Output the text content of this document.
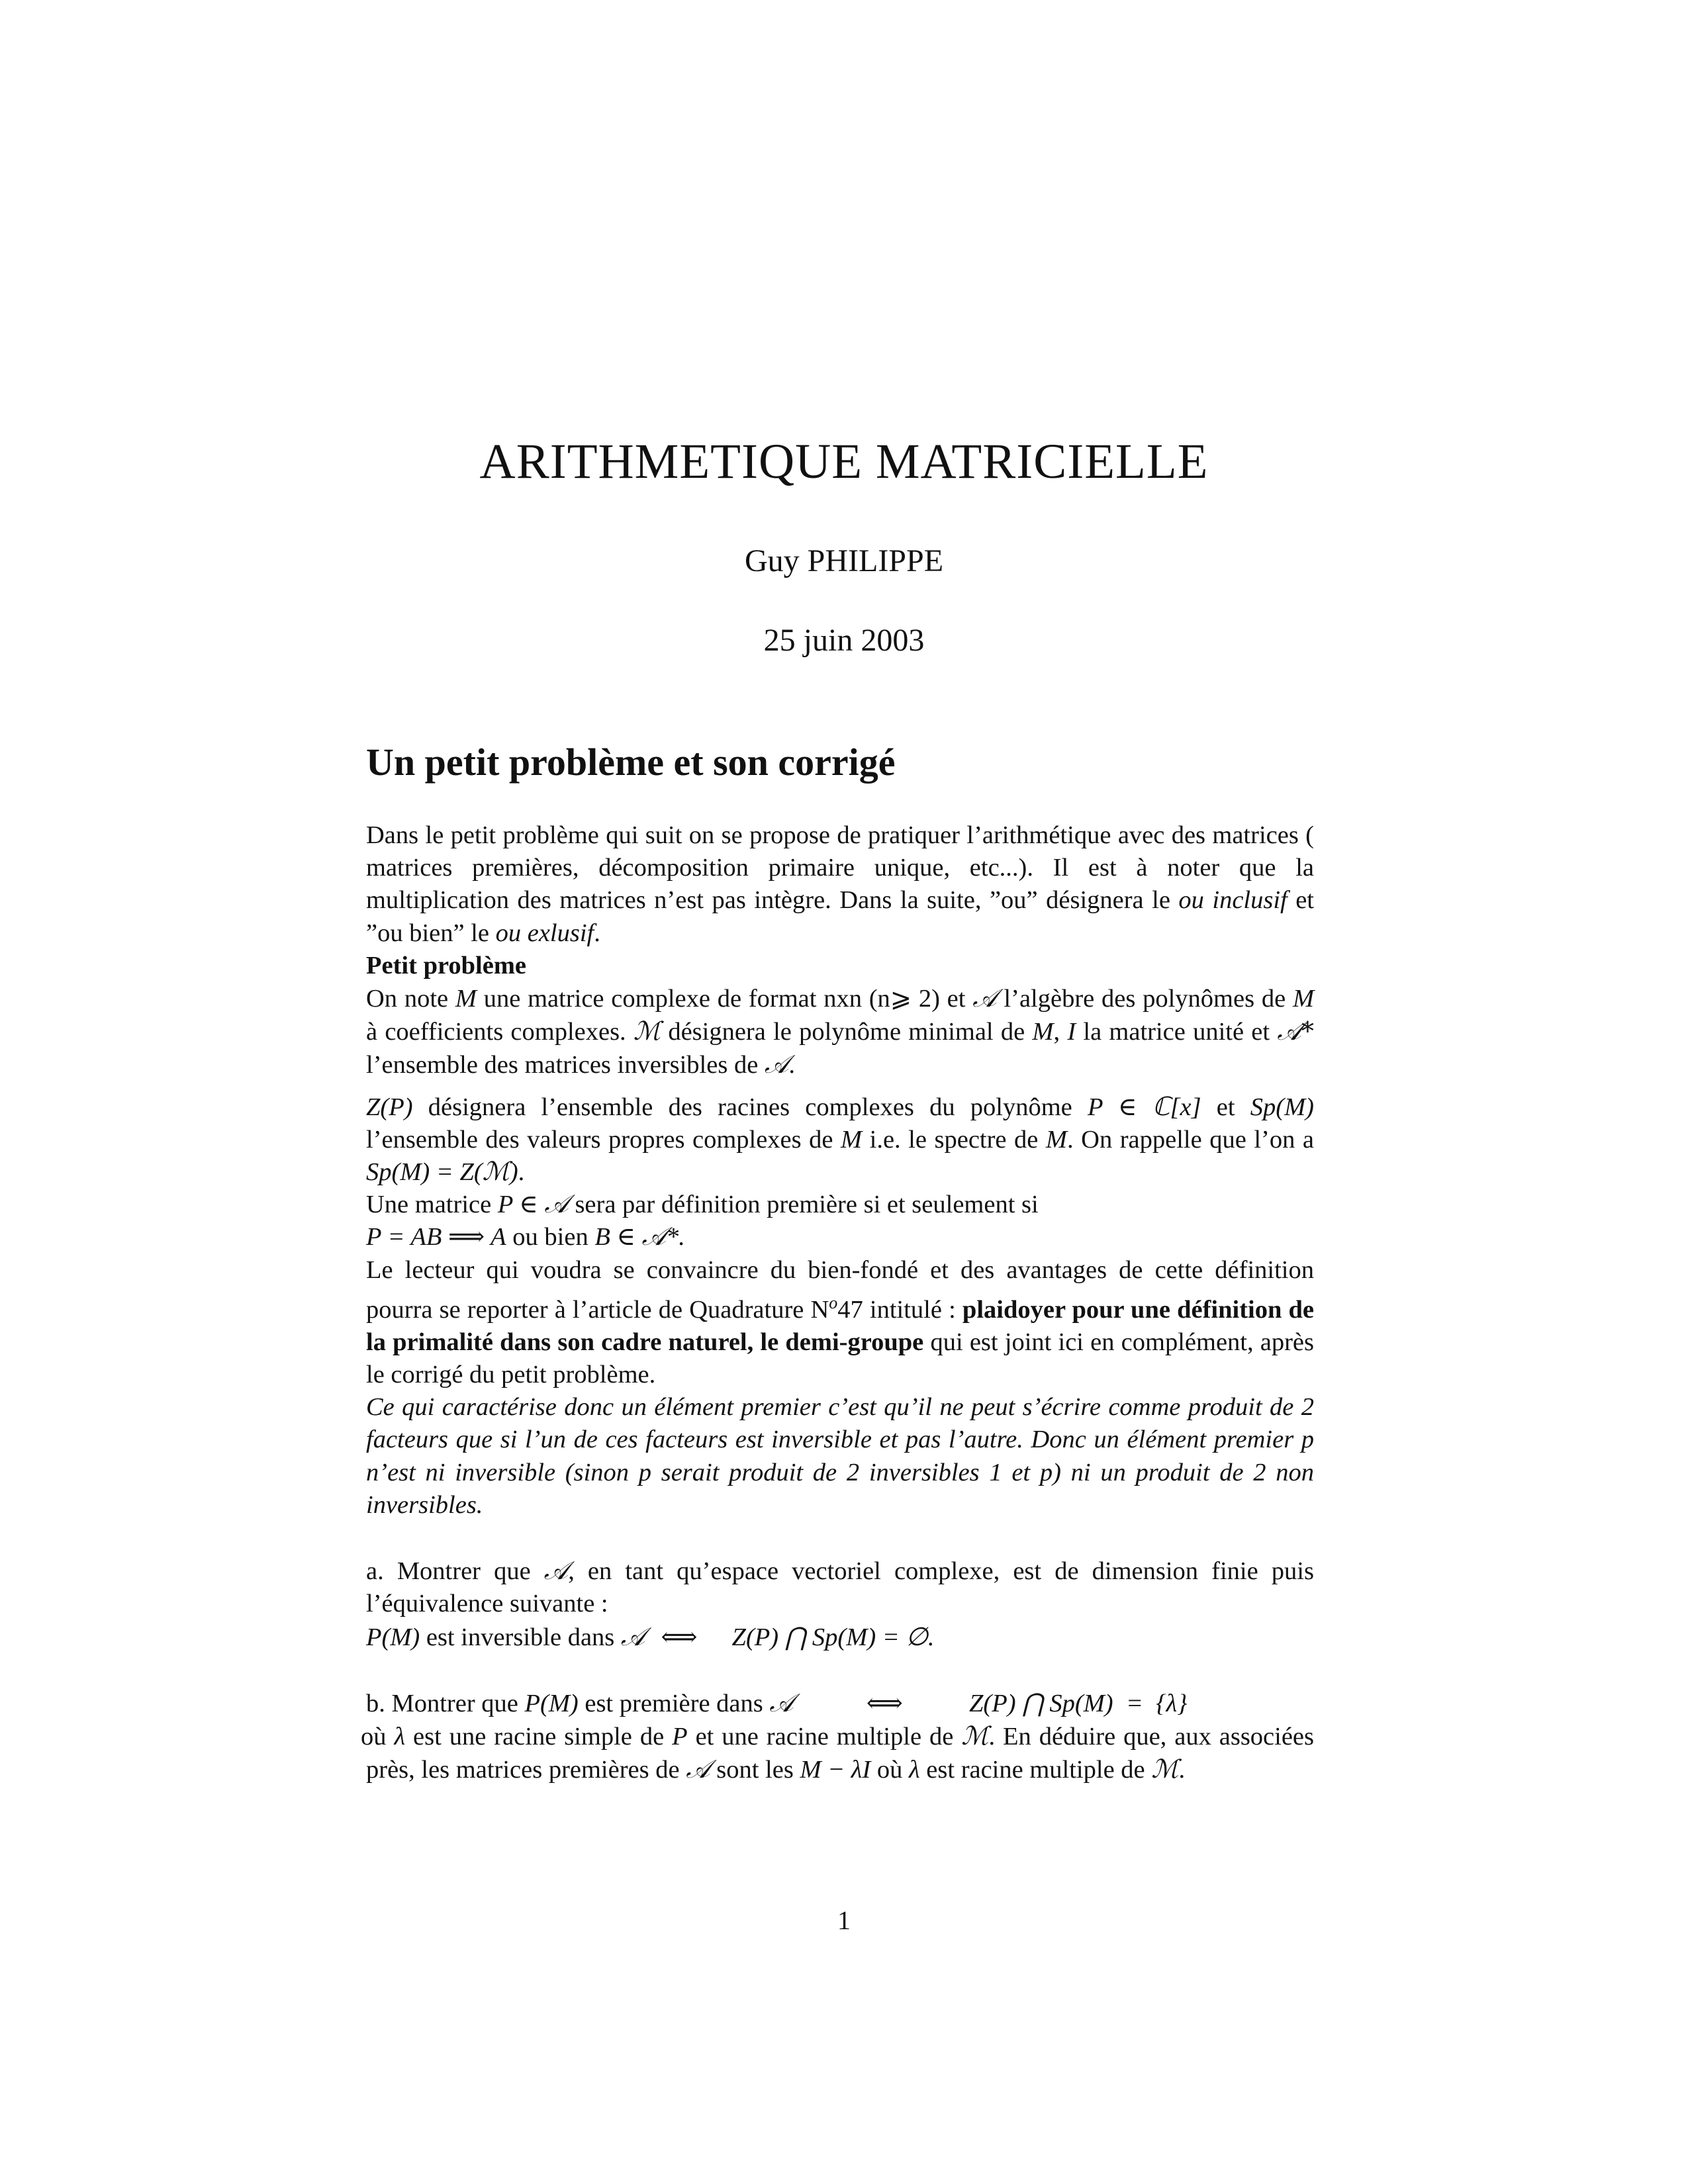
ARITHMETIQUE MATRICIELLE
Guy PHILIPPE
25 juin 2003
Un petit problème et son corrigé

Dans le petit problème qui suit on se propose de pratiquer l’arithmétique avec des matrices ( matrices premières, décomposition primaire unique, etc...). Il est à noter que la multiplication des matrices n’est pas intègre. Dans la suite, ”ou” désignera le ou inclusif et ”ou bien” le ou exlusif.

Petit problème

On note M une matrice complexe de format nxn (n⩾ 2) et 𝒜 l’algèbre des polynômes de M à coefficients complexes. ℳ désignera le polynôme minimal de M, I la matrice unité et 𝒜* l’ensemble des matrices inversibles de 𝒜.

Z(P) désignera l’ensemble des racines complexes du polynôme P ∈ ℂ[x] et Sp(M) l’ensemble des valeurs propres complexes de M i.e. le spectre de M. On rappelle que l’on a Sp(M) = Z(ℳ).

Une matrice P ∈ 𝒜 sera par définition première si et seulement si
P = AB ⟹ A ou bien B ∈ 𝒜*.

Le lecteur qui voudra se convaincre du bien-fondé et des avantages de cette définition pourra se reporter à l’article de Quadrature $N^o47$ intitulé : plaidoyer pour une définition de la primalité dans son cadre naturel, le demi-groupe qui est joint ici en complément, après le corrigé du petit problème.

Ce qui caractérise donc un élément premier c’est qu’il ne peut s’écrire comme produit de 2 facteurs que si l’un de ces facteurs est inversible et pas l’autre. Donc un élément premier p n’est ni inversible (sinon p serait produit de 2 inversibles 1 et p) ni un produit de 2 non inversibles.

a. Montrer que 𝒜, en tant qu’espace vectoriel complexe, est de dimension finie puis l’équivalence suivante :
P(M) est inversible dans 𝒜 ⟺ Z(P) ⋂ Sp(M) = ∅.

b. Montrer que P(M) est première dans 𝒜	⟺	Z(P) ⋂ Sp(M)  =  {λ}
où λ est une racine simple de P et une racine multiple de ℳ. En déduire que, aux associées près, les matrices premières de 𝒜 sont les M − λI où λ est racine multiple de ℳ.

1
